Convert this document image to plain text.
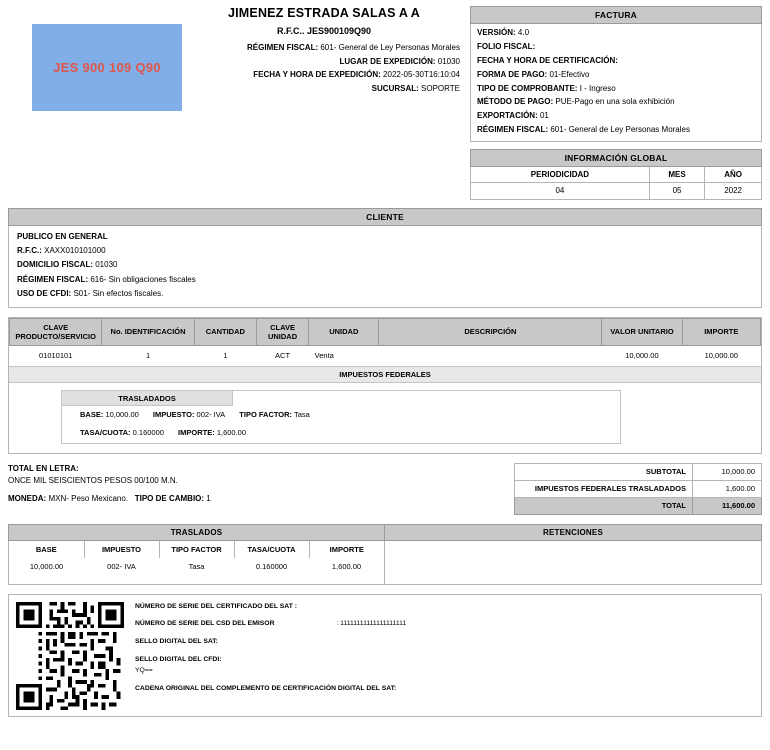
JES 900 109 Q90
JIMENEZ ESTRADA SALAS A A
R.F.C.. JES900109Q90
RÉGIMEN FISCAL: 601- General de Ley Personas Morales
LUGAR DE EXPEDICIÓN: 01030
FECHA Y HORA DE EXPEDICIÓN: 2022-05-30T16:10:04
SUCURSAL: SOPORTE
FACTURA
VERSIÓN: 4.0
FOLIO FISCAL:
FECHA Y HORA DE CERTIFICACIÓN:
FORMA DE PAGO: 01-Efectivo
TIPO DE COMPROBANTE: I - Ingreso
MÉTODO DE PAGO: PUE-Pago en una sola exhibición
EXPORTACIÓN: 01
RÉGIMEN FISCAL: 601- General de Ley Personas Morales
INFORMACIÓN GLOBAL
PERIODICIDAD	MES	AÑO
04	05	2022
CLIENTE
PUBLICO EN GENERAL
R.F.C.: XAXX010101000
DOMICILIO FISCAL: 01030
RÉGIMEN FISCAL: 616- Sin obligaciones fiscales
USO DE CFDI: S01- Sin efectos fiscales.
CLAVE PRODUCTO/SERVICIO	No. IDENTIFICACIÓN	CANTIDAD	CLAVE UNIDAD	UNIDAD	DESCRIPCIÓN	VALOR UNITARIO	IMPORTE
01010101	1	1	ACT	Venta		10,000.00	10,000.00
IMPUESTOS FEDERALES
TRASLADADOS
BASE: 10,000.00 IMPUESTO: 002- IVA TIPO FACTOR: Tasa
TASA/CUOTA: 0.160000 IMPORTE: 1,600.00
TOTAL EN LETRA:
ONCE MIL SEISCIENTOS PESOS 00/100 M.N.
MONEDA: MXN- Peso Mexicano. TIPO DE CAMBIO: 1
SUBTOTAL	10,000.00
IMPUESTOS FEDERALES TRASLADADOS	1,600.00
TOTAL	11,600.00
TRASLADOS
BASE	IMPUESTO	TIPO FACTOR	TASA/CUOTA	IMPORTE
10,000.00	002- IVA	Tasa	0.160000	1,600.00
RETENCIONES
NÚMERO DE SERIE DEL CERTIFICADO DEL SAT :
NÚMERO DE SERIE DEL CSD DEL EMISOR	: 11111111111111111111
SELLO DIGITAL DEL SAT:
SELLO DIGITAL DEL CFDI:
YQ==
CADENA ORIGINAL DEL COMPLEMENTO DE CERTIFICACIÓN DIGITAL DEL SAT:
